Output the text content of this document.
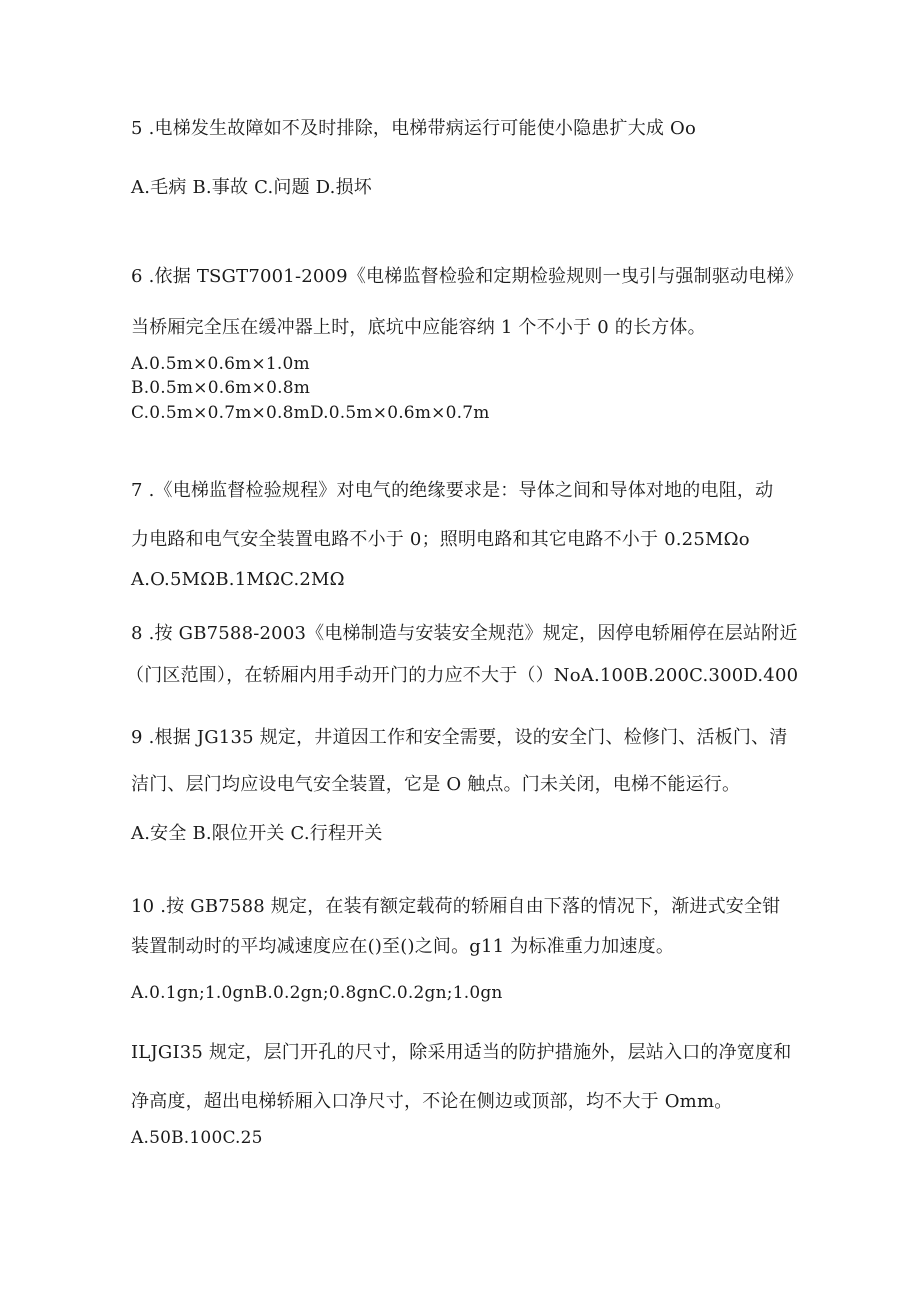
5 .电梯发生故障如不及时排除，电梯带病运行可能使小隐患扩大成 Oo
A.毛病 B.事故 C.问题 D.损坏
6 .依据 TSGT7001-2009《电梯监督检验和定期检验规则一曳引与强制驱动电梯》
当桥厢完全压在缓冲器上时，底坑中应能容纳 1 个不小于 0 的长方体。
A.0.5m×0.6m×1.0m
B.0.5m×0.6m×0.8m
C.0.5m×0.7m×0.8mD.0.5m×0.6m×0.7m
7 .《电梯监督检验规程》对电气的绝缘要求是：导体之间和导体对地的电阻，动
力电路和电气安全装置电路不小于 0；照明电路和其它电路不小于 0.25MΩo
A.O.5MΩB.1MΩC.2MΩ
8 .按 GB7588-2003《电梯制造与安装安全规范》规定，因停电轿厢停在层站附近
（门区范围），在轿厢内用手动开门的力应不大于（）NoA.100B.200C.300D.400
9 .根据 JG135 规定，井道因工作和安全需要，设的安全门、检修门、活板门、清
洁门、层门均应设电气安全装置，它是 O 触点。门未关闭，电梯不能运行。
A.安全 B.限位开关 C.行程开关
10 .按 GB7588 规定，在装有额定载荷的轿厢自由下落的情况下，渐进式安全钳
装置制动时的平均减速度应在()至()之间。g11 为标准重力加速度。
A.0.1gn;1.0gnB.0.2gn;0.8gnC.0.2gn;1.0gn
ILJGI35 规定，层门开孔的尺寸，除采用适当的防护措施外，层站入口的净宽度和
净高度，超出电梯轿厢入口净尺寸，不论在侧边或顶部，均不大于 Omm。
A.50B.100C.25
